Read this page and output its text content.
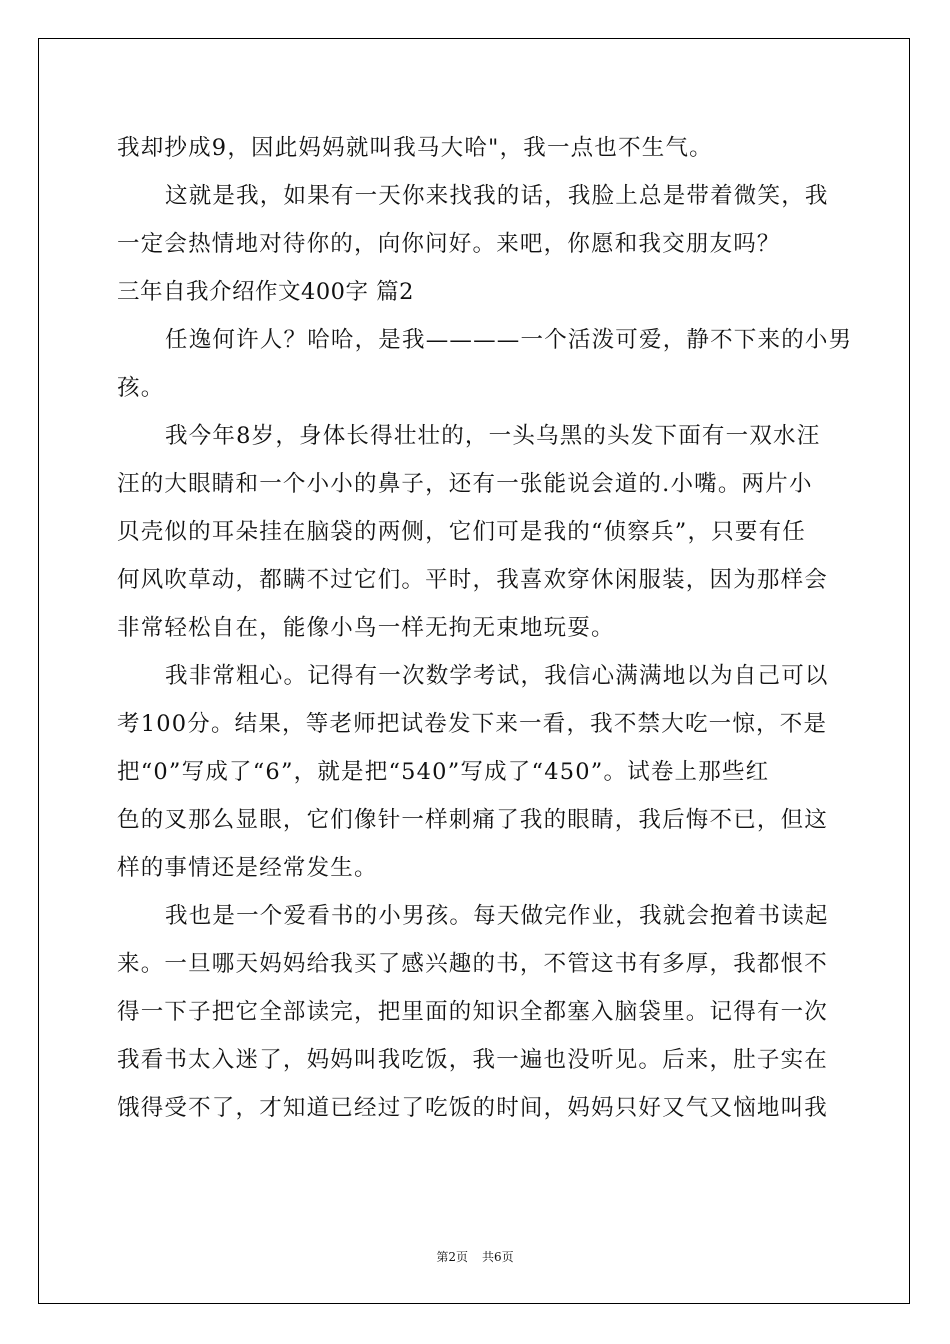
我却抄成9，因此妈妈就叫我马大哈"，我一点也不生气。
这就是我，如果有一天你来找我的话，我脸上总是带着微笑，我
一定会热情地对待你的，向你问好。来吧，你愿和我交朋友吗？
三年自我介绍作文400字 篇2
任逸何许人？哈哈，是我————一个活泼可爱，静不下来的小男
孩。
我今年8岁，身体长得壮壮的，一头乌黑的头发下面有一双水汪
汪的大眼睛和一个小小的鼻子，还有一张能说会道的.小嘴。两片小
贝壳似的耳朵挂在脑袋的两侧，它们可是我的“侦察兵”，只要有任
何风吹草动，都瞒不过它们。平时，我喜欢穿休闲服装，因为那样会
非常轻松自在，能像小鸟一样无拘无束地玩耍。
我非常粗心。记得有一次数学考试，我信心满满地以为自己可以
考100分。结果，等老师把试卷发下来一看，我不禁大吃一惊，不是
把“0”写成了“6”，就是把“540”写成了“450”。试卷上那些红
色的叉那么显眼，它们像针一样刺痛了我的眼睛，我后悔不已，但这
样的事情还是经常发生。
我也是一个爱看书的小男孩。每天做完作业，我就会抱着书读起
来。一旦哪天妈妈给我买了感兴趣的书，不管这书有多厚，我都恨不
得一下子把它全部读完，把里面的知识全都塞入脑袋里。记得有一次
我看书太入迷了，妈妈叫我吃饭，我一遍也没听见。后来，肚子实在
饿得受不了，才知道已经过了吃饭的时间，妈妈只好又气又恼地叫我
第2页 共6页
